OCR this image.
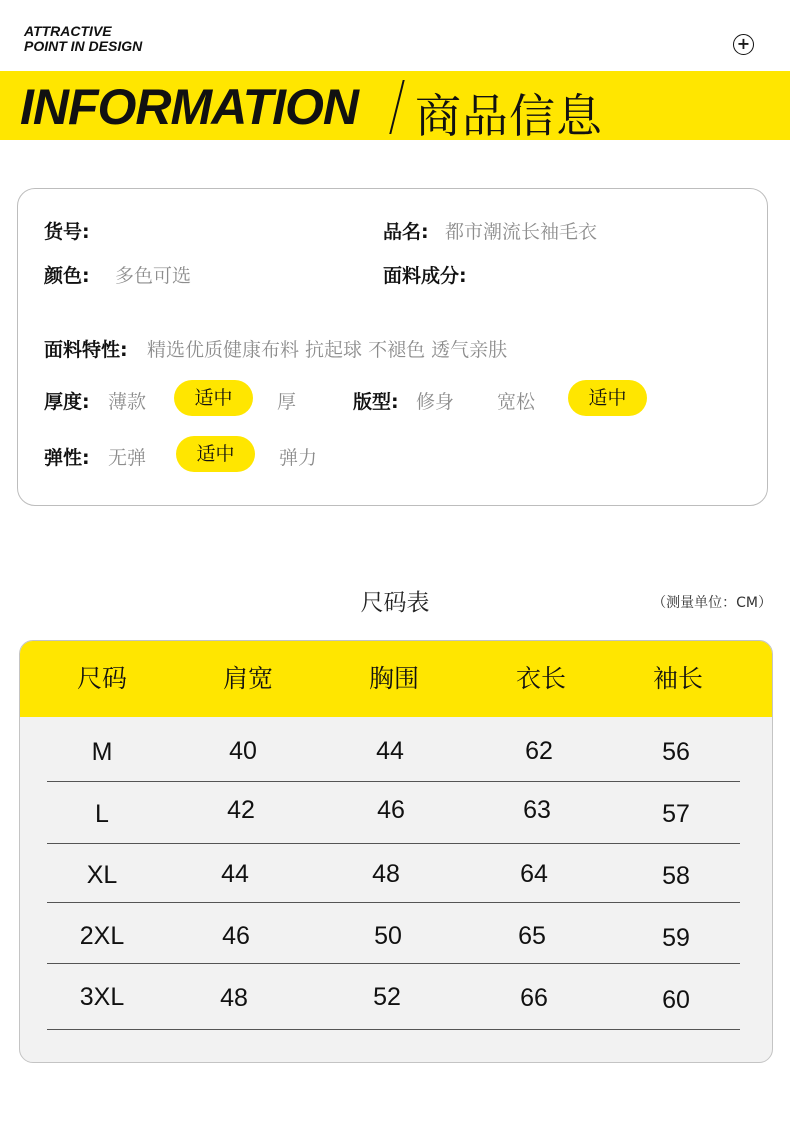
ATTRACTIVE
POINT IN DESIGN	+
INFORMATION 商品信息
货号:	品名: 都市潮流长袖毛衣
颜色: 多色可选	面料成分:
面料特性: 精选优质健康布料 抗起球 不褪色 透气亲肤
厚度: 薄款	适中	厚	版型: 修身 宽松	适中
弹性: 无弹	适中	弹力
尺码表	（测量单位：CM）
尺码	肩宽	胸围	衣长	袖长
M	40	44	62	56
L	42	46	63	57
XL	44	48	64	58
2XL	46	50	65	59
3XL	48	52	66	60
